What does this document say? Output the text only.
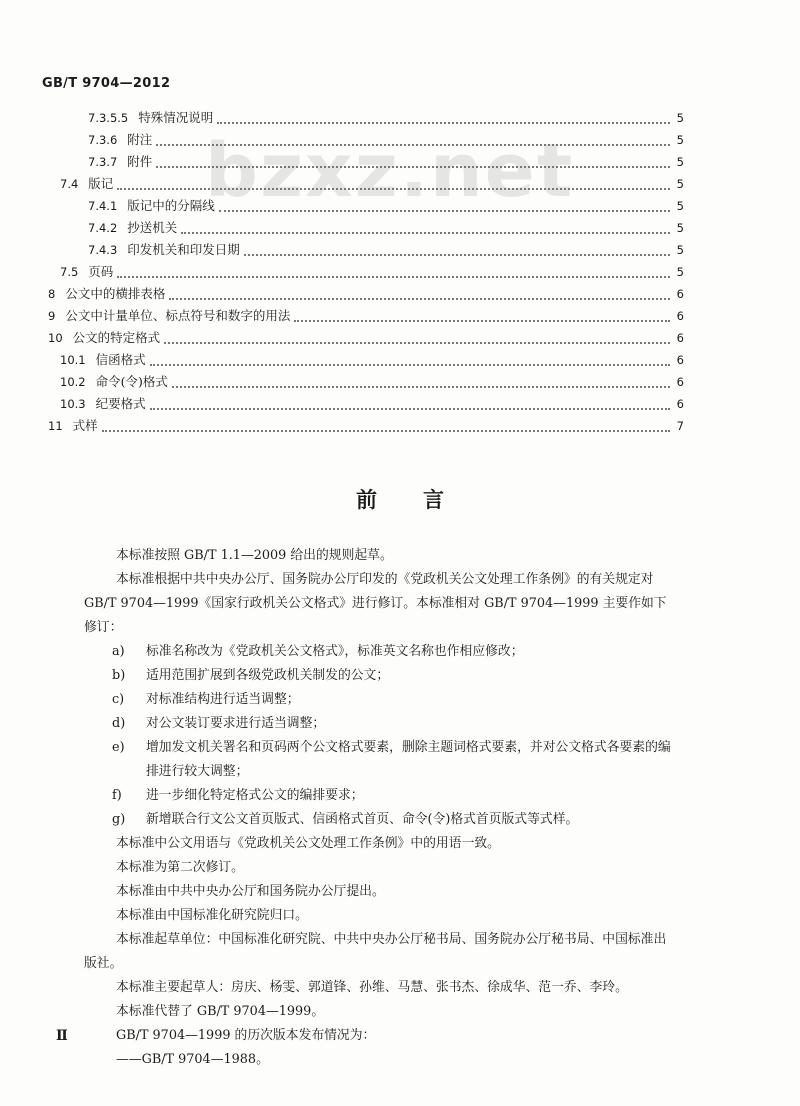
GB/T 9704—2012
bzxz.net
7.3.5.5 特殊情况说明	5
7.3.6 附注	5
7.3.7 附件	5
7.4 版记	5
7.4.1 版记中的分隔线	5
7.4.2 抄送机关	5
7.4.3 印发机关和印发日期	5
7.5 页码	5
8 公文中的横排表格	6
9 公文中计量单位、标点符号和数字的用法	6
10 公文的特定格式	6
10.1 信函格式	6
10.2 命令(令)格式	6
10.3 纪要格式	6
11 式样	7
前言
本标准按照 GB/T 1.1—2009 给出的规则起草。
本标准根据中共中央办公厅、国务院办公厅印发的《党政机关公文处理工作条例》的有关规定对
GB/T 9704—1999《国家行政机关公文格式》进行修订。本标准相对 GB/T 9704—1999 主要作如下
修订：
a) 标准名称改为《党政机关公文格式》，标准英文名称也作相应修改；
b) 适用范围扩展到各级党政机关制发的公文；
c) 对标准结构进行适当调整；
d) 对公文装订要求进行适当调整；
e) 增加发文机关署名和页码两个公文格式要素，删除主题词格式要素，并对公文格式各要素的编
排进行较大调整；
f) 进一步细化特定格式公文的编排要求；
g) 新增联合行文公文首页版式、信函格式首页、命令(令)格式首页版式等式样。
本标准中公文用语与《党政机关公文处理工作条例》中的用语一致。
本标准为第二次修订。
本标准由中共中央办公厅和国务院办公厅提出。
本标准由中国标准化研究院归口。
本标准起草单位：中国标准化研究院、中共中央办公厅秘书局、国务院办公厅秘书局、中国标准出
版社。
本标准主要起草人：房庆、杨雯、郭道锋、孙维、马慧、张书杰、徐成华、范一乔、李玲。
本标准代替了 GB/T 9704—1999。
GB/T 9704—1999 的历次版本发布情况为：
——GB/T 9704—1988。
Ⅱ
